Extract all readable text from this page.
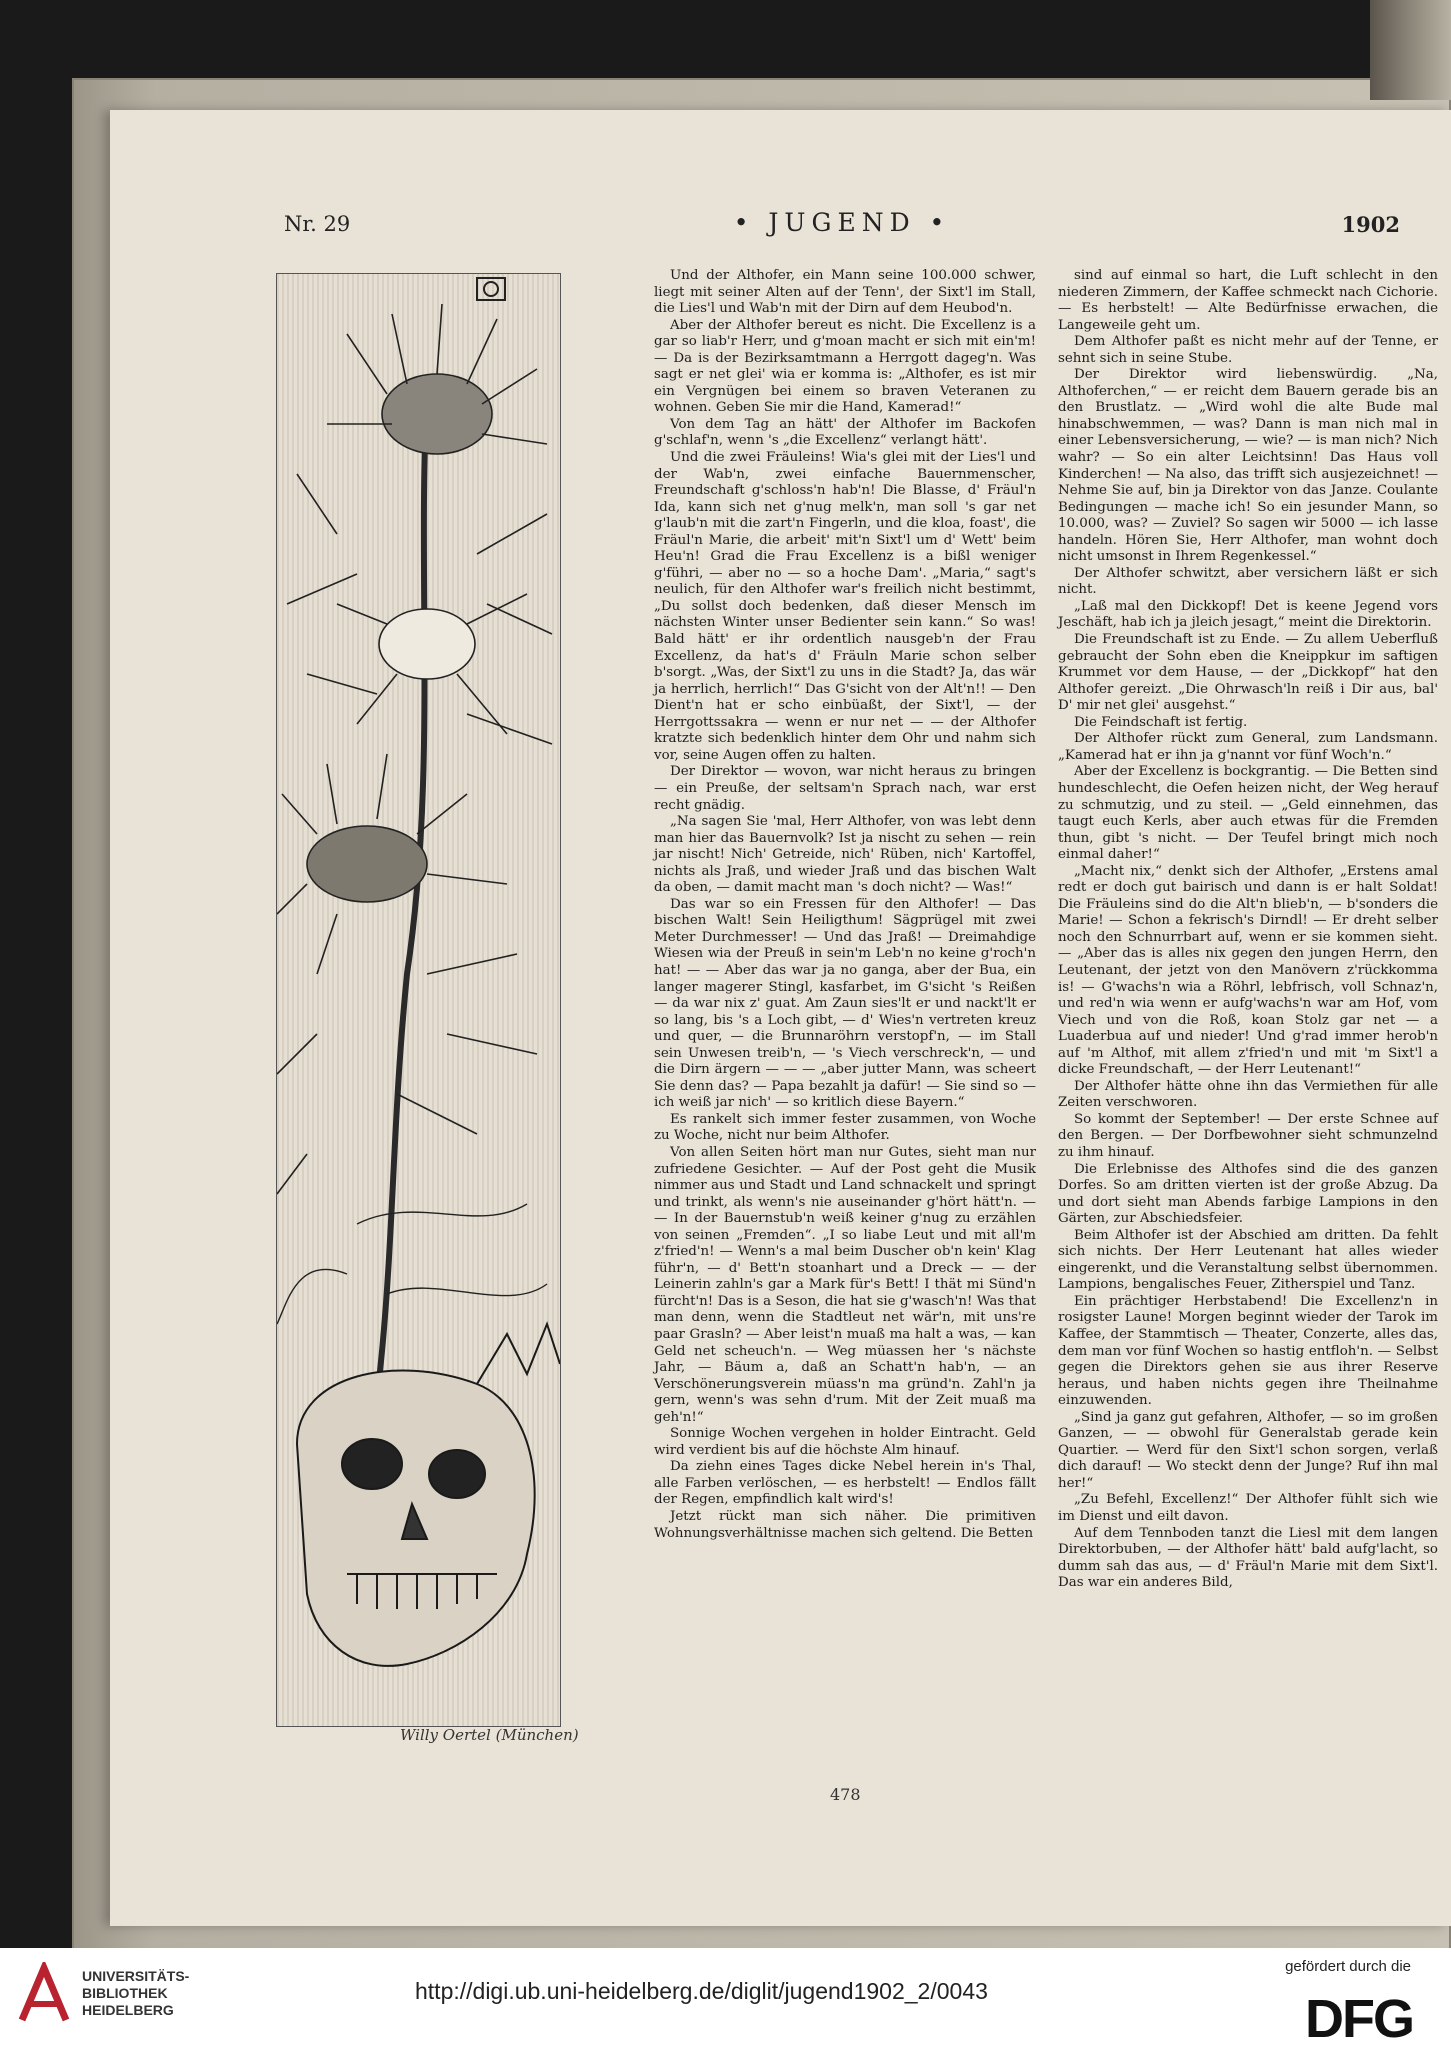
Nr. 29	• JUGEND •	1902
Willy Oertel (München)

Und der Althofer, ein Mann seine 100.000 schwer, liegt mit seiner Alten auf der Tenn', der Sixt'l im Stall, die Lies'l und Wab'n mit der Dirn auf dem Heubod'n.

Aber der Althofer bereut es nicht. Die Excellenz is a gar so liab'r Herr, und g'moan macht er sich mit ein'm! — Da is der Bezirksamtmann a Herrgott dageg'n. Was sagt er net glei' wia er komma is: „Althofer, es ist mir ein Vergnügen bei einem so braven Veteranen zu wohnen. Geben Sie mir die Hand, Kamerad!“

Von dem Tag an hätt' der Althofer im Backofen g'schlaf'n, wenn 's „die Excellenz“ verlangt hätt'.

Und die zwei Fräuleins! Wia's glei mit der Lies'l und der Wab'n, zwei einfache Bauernmenscher, Freundschaft g'schloss'n hab'n! Die Blasse, d' Fräul'n Ida, kann sich net g'nug melk'n, man soll 's gar net g'laub'n mit die zart'n Fingerln, und die kloa, foast', die Fräul'n Marie, die arbeit' mit'n Sixt'l um d' Wett' beim Heu'n! Grad die Frau Excellenz is a bißl weniger g'führi, — aber no — so a hoche Dam'. „Maria,“ sagt's neulich, für den Althofer war's freilich nicht bestimmt, „Du sollst doch bedenken, daß dieser Mensch im nächsten Winter unser Bedienter sein kann.“ So was! Bald hätt' er ihr ordentlich nausgeb'n der Frau Excellenz, da hat's d' Fräuln Marie schon selber b'sorgt. „Was, der Sixt'l zu uns in die Stadt? Ja, das wär ja herrlich, herrlich!“ Das G'sicht von der Alt'n!! — Den Dient'n hat er scho einbüaßt, der Sixt'l, — der Herrgottssakra — wenn er nur net — — der Althofer kratzte sich bedenklich hinter dem Ohr und nahm sich vor, seine Augen offen zu halten.

Der Direktor — wovon, war nicht heraus zu bringen — ein Preuße, der seltsam'n Sprach nach, war erst recht gnädig.

„Na sagen Sie 'mal, Herr Althofer, von was lebt denn man hier das Bauernvolk? Ist ja nischt zu sehen — rein jar nischt! Nich' Getreide, nich' Rüben, nich' Kartoffel, nichts als Jraß, und wieder Jraß und das bischen Walt da oben, — damit macht man 's doch nicht? — Was!“

Das war so ein Fressen für den Althofer! — Das bischen Walt! Sein Heiligthum! Sägprügel mit zwei Meter Durchmesser! — Und das Jraß! — Dreimahdige Wiesen wia der Preuß in sein'm Leb'n no keine g'roch'n hat! — — Aber das war ja no ganga, aber der Bua, ein langer magerer Stingl, kasfarbet, im G'sicht 's Reißen — da war nix z' guat. Am Zaun sies'lt er und nackt'lt er so lang, bis 's a Loch gibt, — d' Wies'n vertreten kreuz und quer, — die Brunnaröhrn verstopf'n, — im Stall sein Unwesen treib'n, — 's Viech verschreck'n, — und die Dirn ärgern — — — „aber jutter Mann, was scheert Sie denn das? — Papa bezahlt ja dafür! — Sie sind so — ich weiß jar nich' — so kritlich diese Bayern.“

Es rankelt sich immer fester zusammen, von Woche zu Woche, nicht nur beim Althofer.

Von allen Seiten hört man nur Gutes, sieht man nur zufriedene Gesichter. — Auf der Post geht die Musik nimmer aus und Stadt und Land schnackelt und springt und trinkt, als wenn's nie auseinander g'hört hätt'n. — — In der Bauernstub'n weiß keiner g'nug zu erzählen von seinen „Fremden“. „I so liabe Leut und mit all'm z'fried'n! — Wenn's a mal beim Duscher ob'n kein' Klag führ'n, — d' Bett'n stoanhart und a Dreck — — der Leinerin zahln's gar a Mark für's Bett! I thät mi Sünd'n fürcht'n! Das is a Seson, die hat sie g'wasch'n! Was that man denn, wenn die Stadtleut net wär'n, mit uns're paar Grasln? — Aber leist'n muaß ma halt a was, — kan Geld net scheuch'n. — Weg müassen her 's nächste Jahr, — Bäum a, daß an Schatt'n hab'n, — an Verschönerungsverein müass'n ma gründ'n. Zahl'n ja gern, wenn's was sehn d'rum. Mit der Zeit muaß ma geh'n!“

Sonnige Wochen vergehen in holder Eintracht. Geld wird verdient bis auf die höchste Alm hinauf.

Da ziehn eines Tages dicke Nebel herein in's Thal, alle Farben verlöschen, — es herbstelt! — Endlos fällt der Regen, empfindlich kalt wird's!

Jetzt rückt man sich näher. Die primitiven Wohnungsverhältnisse machen sich geltend. Die Betten

sind auf einmal so hart, die Luft schlecht in den niederen Zimmern, der Kaffee schmeckt nach Cichorie. — Es herbstelt! — Alte Bedürfnisse erwachen, die Langeweile geht um.

Dem Althofer paßt es nicht mehr auf der Tenne, er sehnt sich in seine Stube.

Der Direktor wird liebenswürdig. „Na, Althoferchen,“ — er reicht dem Bauern gerade bis an den Brustlatz. — „Wird wohl die alte Bude mal hinabschwemmen, — was? Dann is man nich mal in einer Lebensversicherung, — wie? — is man nich? Nich wahr? — So ein alter Leichtsinn! Das Haus voll Kinderchen! — Na also, das trifft sich ausjezeichnet! — Nehme Sie auf, bin ja Direktor von das Janze. Coulante Bedingungen — mache ich! So ein jesunder Mann, so 10.000, was? — Zuviel? So sagen wir 5000 — ich lasse handeln. Hören Sie, Herr Althofer, man wohnt doch nicht umsonst in Ihrem Regenkessel.“

Der Althofer schwitzt, aber versichern läßt er sich nicht.

„Laß mal den Dickkopf! Det is keene Jegend vors Jeschäft, hab ich ja jleich jesagt,“ meint die Direktorin.

Die Freundschaft ist zu Ende. — Zu allem Ueberfluß gebraucht der Sohn eben die Kneippkur im saftigen Krummet vor dem Hause, — der „Dickkopf“ hat den Althofer gereizt. „Die Ohrwasch'ln reiß i Dir aus, bal' D' mir net glei' ausgehst.“

Die Feindschaft ist fertig.

Der Althofer rückt zum General, zum Landsmann. „Kamerad hat er ihn ja g'nannt vor fünf Woch'n.“

Aber der Excellenz is bockgrantig. — Die Betten sind hundeschlecht, die Oefen heizen nicht, der Weg herauf zu schmutzig, und zu steil. — „Geld einnehmen, das taugt euch Kerls, aber auch etwas für die Fremden thun, gibt 's nicht. — Der Teufel bringt mich noch einmal daher!“

„Macht nix,“ denkt sich der Althofer, „Erstens amal redt er doch gut bairisch und dann is er halt Soldat! Die Fräuleins sind do die Alt'n blieb'n, — b'sonders die Marie! — Schon a fekrisch's Dirndl! — Er dreht selber noch den Schnurrbart auf, wenn er sie kommen sieht. — „Aber das is alles nix gegen den jungen Herrn, den Leutenant, der jetzt von den Manövern z'rückkomma is! — G'wachs'n wia a Röhrl, lebfrisch, voll Schnaz'n, und red'n wia wenn er aufg'wachs'n war am Hof, vom Viech und von die Roß, koan Stolz gar net — a Luaderbua auf und nieder! Und g'rad immer herob'n auf 'm Althof, mit allem z'fried'n und mit 'm Sixt'l a dicke Freundschaft, — der Herr Leutenant!“

Der Althofer hätte ohne ihn das Vermiethen für alle Zeiten verschworen.

So kommt der September! — Der erste Schnee auf den Bergen. — Der Dorfbewohner sieht schmunzelnd zu ihm hinauf.

Die Erlebnisse des Althofes sind die des ganzen Dorfes. So am dritten vierten ist der große Abzug. Da und dort sieht man Abends farbige Lampions in den Gärten, zur Abschiedsfeier.

Beim Althofer ist der Abschied am dritten. Da fehlt sich nichts. Der Herr Leutenant hat alles wieder eingerenkt, und die Veranstaltung selbst übernommen. Lampions, bengalisches Feuer, Zitherspiel und Tanz.

Ein prächtiger Herbstabend! Die Excellenz'n in rosigster Laune! Morgen beginnt wieder der Tarok im Kaffee, der Stammtisch — Theater, Conzerte, alles das, dem man vor fünf Wochen so hastig entfloh'n. — Selbst gegen die Direktors gehen sie aus ihrer Reserve heraus, und haben nichts gegen ihre Theilnahme einzuwenden.

„Sind ja ganz gut gefahren, Althofer, — so im großen Ganzen, — — obwohl für Generalstab gerade kein Quartier. — Werd für den Sixt'l schon sorgen, verlaß dich darauf! — Wo steckt denn der Junge? Ruf ihn mal her!“

„Zu Befehl, Excellenz!“ Der Althofer fühlt sich wie im Dienst und eilt davon.

Auf dem Tennboden tanzt die Liesl mit dem langen Direktorbuben, — der Althofer hätt' bald aufg'lacht, so dumm sah das aus, — d' Fräul'n Marie mit dem Sixt'l. Das war ein anderes Bild,

478
UNIVERSITÄTS-
BIBLIOTHEK
HEIDELBERG
http://digi.ub.uni-heidelberg.de/diglit/jugend1902_2/0043
gefördert durch die
DFG
